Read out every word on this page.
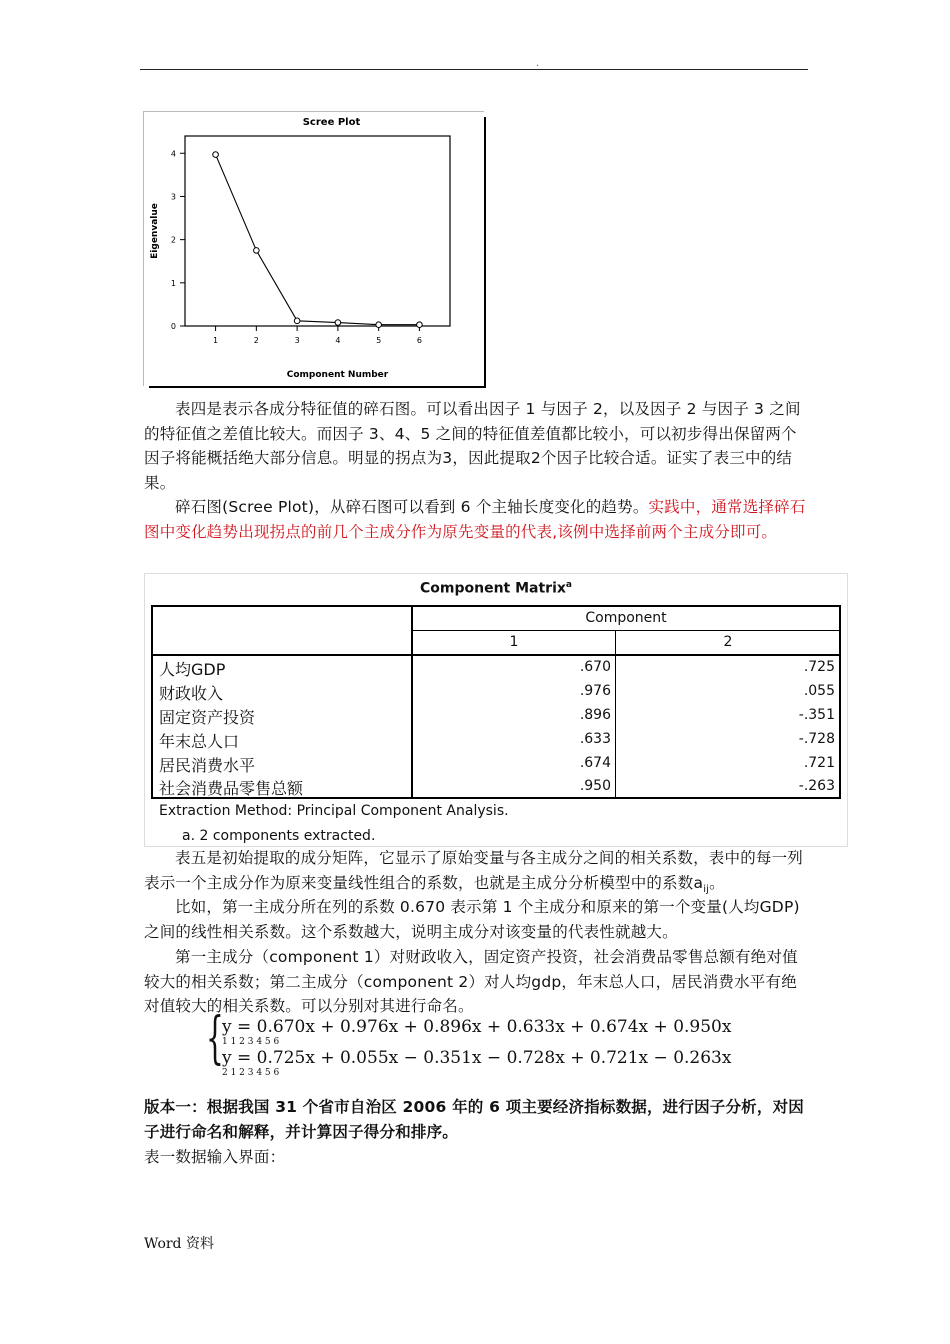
.
Scree Plot
Component Number
Eigenvalue
0
1
2
3
4
1	2	3	4	5	6

表四是表示各成分特征值的碎石图。可以看出因子 1 与因子 2，以及因子 2 与因子 3 之间的特征值之差值比较大。而因子 3、4、5 之间的特征值差值都比较小，可以初步得出保留两个因子将能概括绝大部分信息。明显的拐点为3，因此提取2个因子比较合适。证实了表三中的结果。

碎石图(Scree Plot)，从碎石图可以看到 6 个主轴长度变化的趋势。实践中，通常选择碎石图中变化趋势出现拐点的前几个主成分作为原先变量的代表,该例中选择前两个主成分即可。

Component Matrix$^a$
Component
1	2
人均GDP	.670	.725
财政收入	.976	.055
固定资产投资	.896	-.351
年末总人口	.633	-.728
居民消费水平	.674	.721
社会消费品零售总额	.950	-.263
Extraction Method: Principal Component Analysis.
a. 2 components extracted.

表五是初始提取的成分矩阵，它显示了原始变量与各主成分之间的相关系数，表中的每一列表示一个主成分作为原来变量线性组合的系数，也就是主成分分析模型中的系数$a_{ij}$。

比如，第一主成分所在列的系数 0.670 表示第 1 个主成分和原来的第一个变量(人均GDP)之间的线性相关系数。这个系数越大，说明主成分对该变量的代表性就越大。

第一主成分（component 1）对财政收入，固定资产投资，社会消费品零售总额有绝对值较大的相关系数；第二主成分（component 2）对人均gdp，年末总人口，居民消费水平有绝对值较大的相关系数。可以分别对其进行命名。

{
y = 0.670x + 0.976x + 0.896x + 0.633x + 0.674x + 0.950x
1 1 2 3 4 5 6
y = 0.725x + 0.055x − 0.351x − 0.728x + 0.721x − 0.263x
2 1 2 3 4 5 6

版本一：根据我国 31 个省市自治区 2006 年的 6 项主要经济指标数据，进行因子分析，对因子进行命名和解释，并计算因子得分和排序。

表一数据输入界面：

Word 资料
